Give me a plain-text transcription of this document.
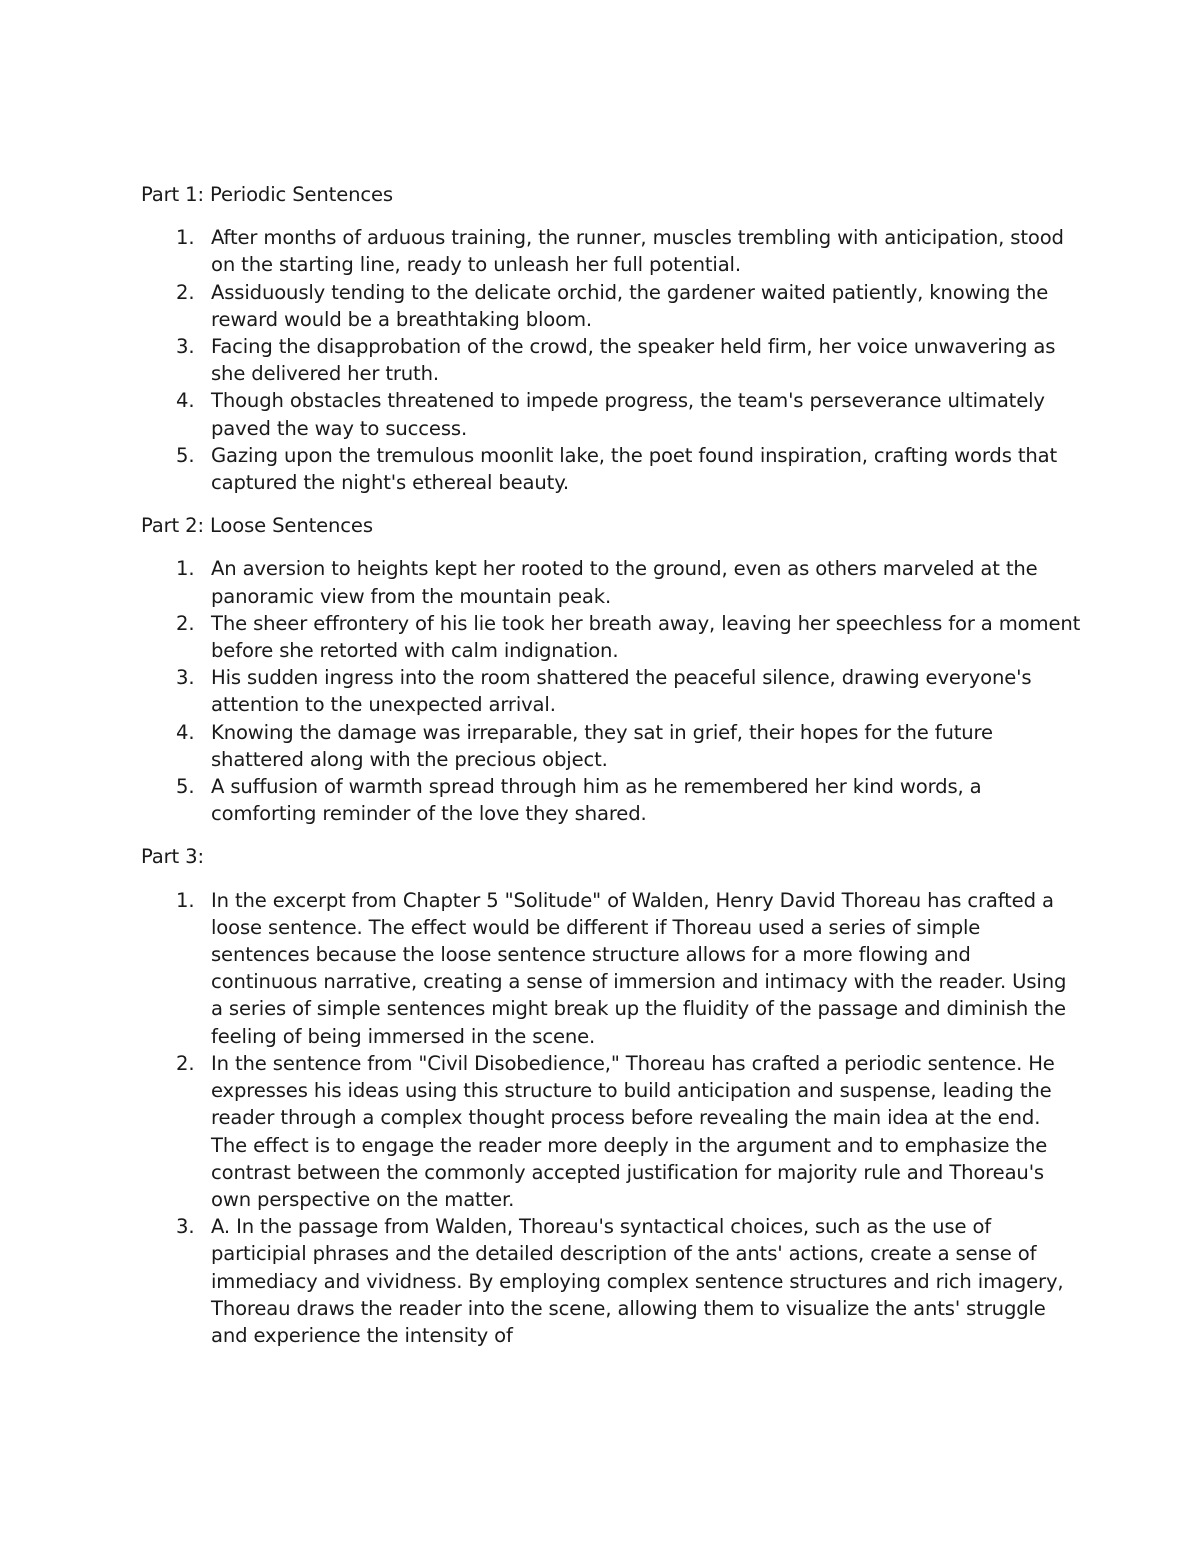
Part 1: Periodic Sentences

1. After months of arduous training, the runner, muscles trembling with anticipation, stood on the starting line, ready to unleash her full potential.
2. Assiduously tending to the delicate orchid, the gardener waited patiently, knowing the reward would be a breathtaking bloom.
3. Facing the disapprobation of the crowd, the speaker held firm, her voice unwavering as she delivered her truth.
4. Though obstacles threatened to impede progress, the team's perseverance ultimately paved the way to success.
5. Gazing upon the tremulous moonlit lake, the poet found inspiration, crafting words that captured the night's ethereal beauty.

Part 2: Loose Sentences

1. An aversion to heights kept her rooted to the ground, even as others marveled at the panoramic view from the mountain peak.
2. The sheer effrontery of his lie took her breath away, leaving her speechless for a moment before she retorted with calm indignation.
3. His sudden ingress into the room shattered the peaceful silence, drawing everyone's attention to the unexpected arrival.
4. Knowing the damage was irreparable, they sat in grief, their hopes for the future shattered along with the precious object.
5. A suffusion of warmth spread through him as he remembered her kind words, a comforting reminder of the love they shared.

Part 3:

1. In the excerpt from Chapter 5 "Solitude" of Walden, Henry David Thoreau has crafted a loose sentence. The effect would be different if Thoreau used a series of simple sentences because the loose sentence structure allows for a more flowing and continuous narrative, creating a sense of immersion and intimacy with the reader. Using a series of simple sentences might break up the fluidity of the passage and diminish the feeling of being immersed in the scene.
2. In the sentence from "Civil Disobedience," Thoreau has crafted a periodic sentence. He expresses his ideas using this structure to build anticipation and suspense, leading the reader through a complex thought process before revealing the main idea at the end. The effect is to engage the reader more deeply in the argument and to emphasize the contrast between the commonly accepted justification for majority rule and Thoreau's own perspective on the matter.
3. A. In the passage from Walden, Thoreau's syntactical choices, such as the use of participial phrases and the detailed description of the ants' actions, create a sense of immediacy and vividness. By employing complex sentence structures and rich imagery, Thoreau draws the reader into the scene, allowing them to visualize the ants' struggle and experience the intensity of
